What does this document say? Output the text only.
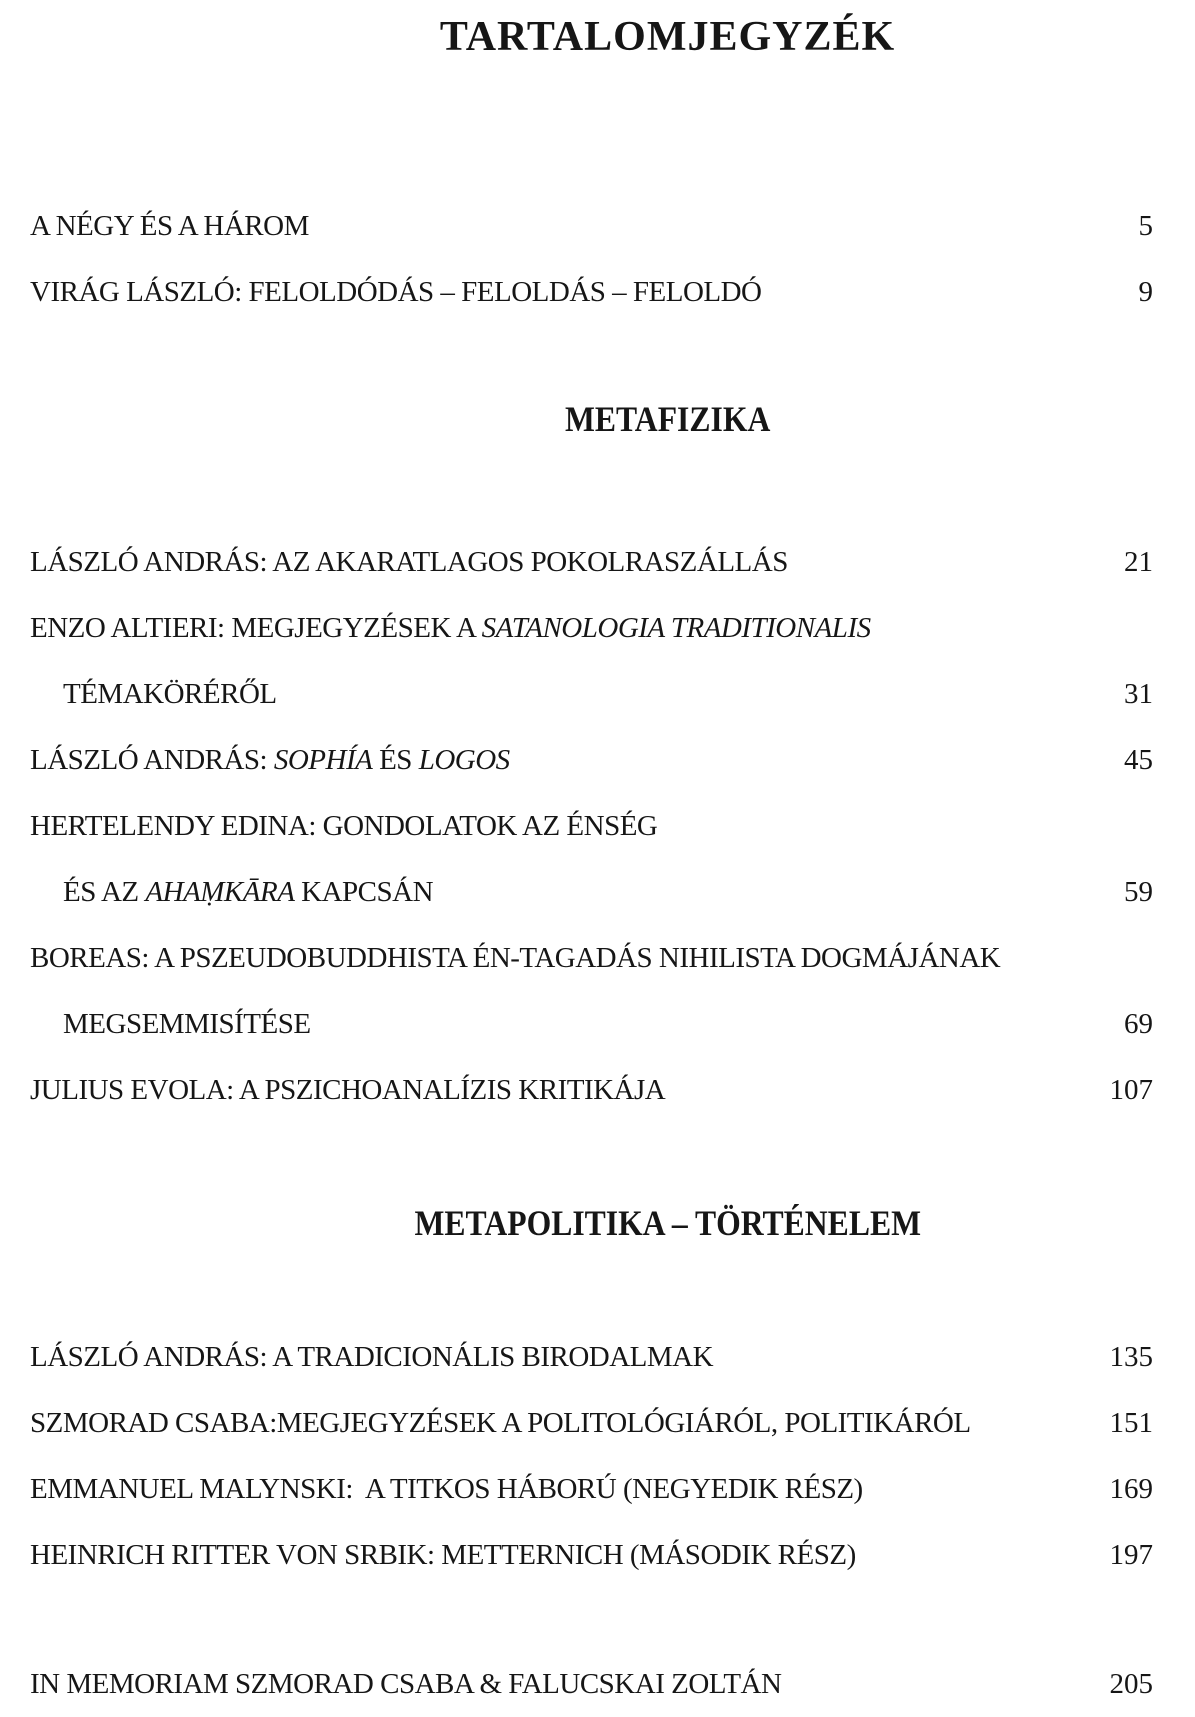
TARTALOMJEGYZÉK
A NÉGY ÉS A HÁROM	5
VIRÁG LÁSZLÓ: FELOLDÓDÁS – FELOLDÁS – FELOLDÓ	9
METAFIZIKA
LÁSZLÓ ANDRÁS: AZ AKARATLAGOS POKOLRASZÁLLÁS	21
ENZO ALTIERI: MEGJEGYZÉSEK A SATANOLOGIA TRADITIONALIS
TÉMAKÖRÉRŐL	31
LÁSZLÓ ANDRÁS: SOPHÍA ÉS LOGOS	45
HERTELENDY EDINA: GONDOLATOK AZ ÉNSÉG
ÉS AZ AHAṂKĀRA KAPCSÁN	59
BOREAS: A PSZEUDOBUDDHISTA ÉN-TAGADÁS NIHILISTA DOGMÁJÁNAK
MEGSEMMISÍTÉSE	69
JULIUS EVOLA: A PSZICHOANALÍZIS KRITIKÁJA	107
METAPOLITIKA – TÖRTÉNELEM
LÁSZLÓ ANDRÁS: A TRADICIONÁLIS BIRODALMAK	135
SZMORAD CSABA:MEGJEGYZÉSEK A POLITOLÓGIÁRÓL, POLITIKÁRÓL	151
EMMANUEL MALYNSKI:  A TITKOS HÁBORÚ (NEGYEDIK RÉSZ)	169
HEINRICH RITTER VON SRBIK: METTERNICH (MÁSODIK RÉSZ)	197
IN MEMORIAM SZMORAD CSABA & FALUCSKAI ZOLTÁN	205
